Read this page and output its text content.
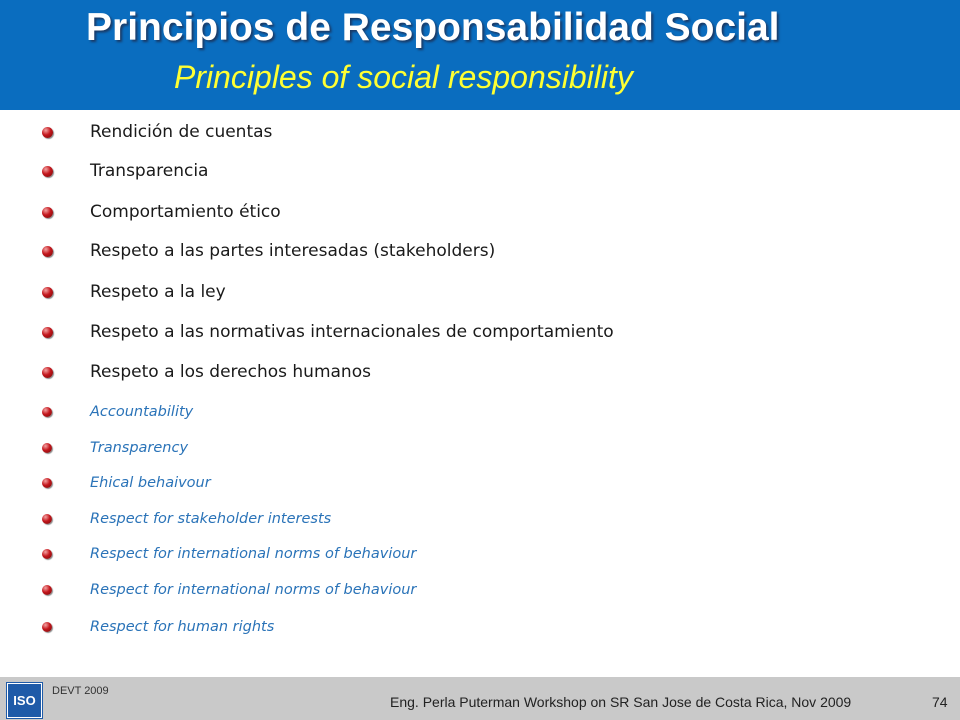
Principios de Responsabilidad Social
Principles of social responsibility
Rendición de cuentas
Transparencia
Comportamiento ético
Respeto a las partes interesadas (stakeholders)
Respeto a la ley
Respeto a las normativas internacionales de comportamiento
Respeto a los derechos humanos
Accountability
Transparency
Ehical behaivour
Respect for stakeholder interests
Respect for international norms of behaviour
Respect for international norms of behaviour
Respect for human rights
ISO
DEVT 2009
Eng. Perla Puterman Workshop on SR San Jose de Costa Rica, Nov 2009	74
